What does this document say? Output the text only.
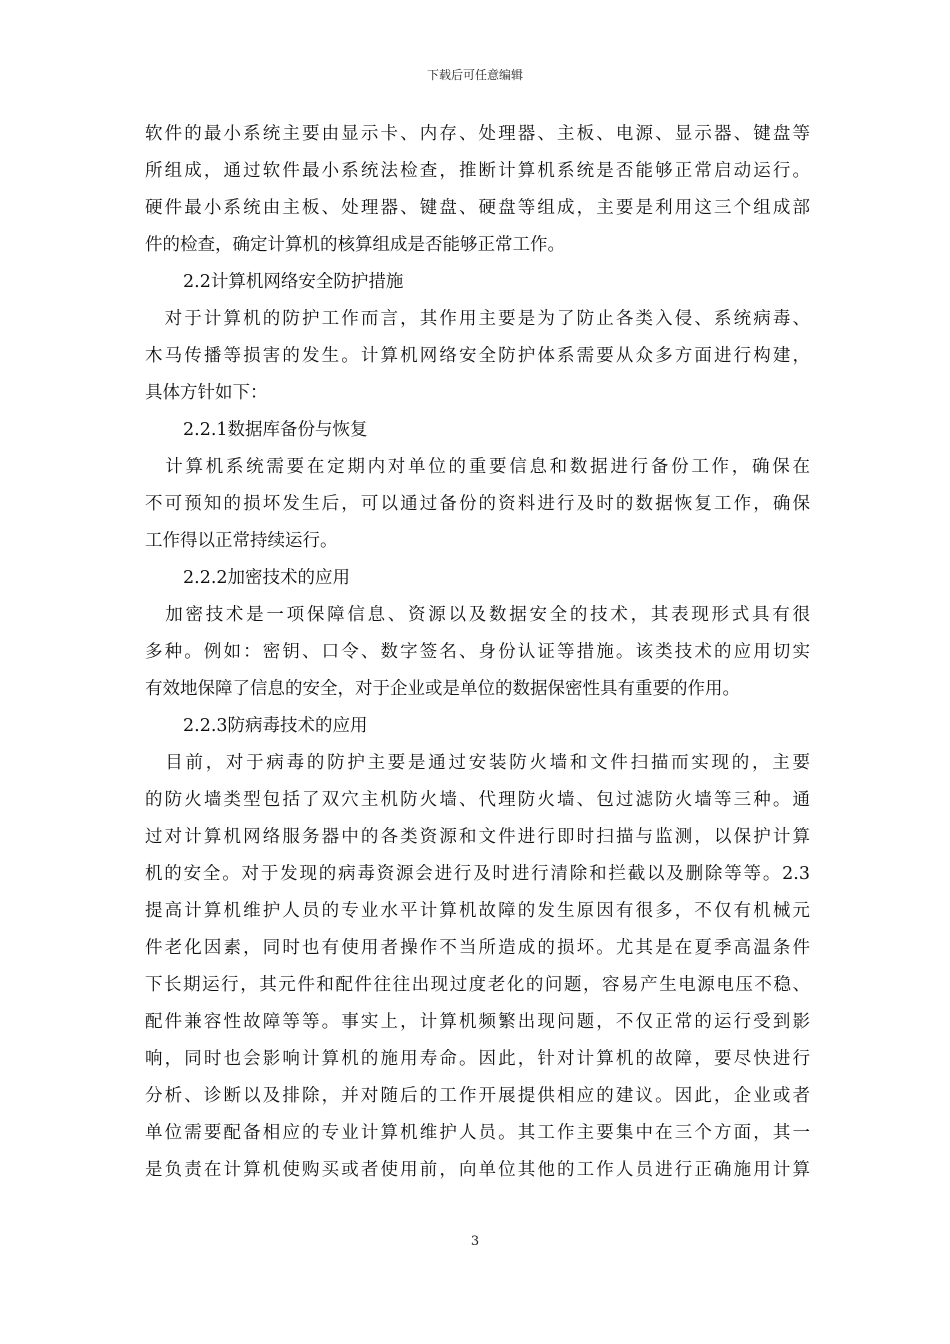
下载后可任意编辑
软件的最小系统主要由显示卡、内存、处理器、主板、电源、显示器、键盘等
所组成，通过软件最小系统法检查，推断计算机系统是否能够正常启动运行。
硬件最小系统由主板、处理器、键盘、硬盘等组成，主要是利用这三个组成部
件的检查，确定计算机的核算组成是否能够正常工作。
2.2计算机网络安全防护措施
　对于计算机的防护工作而言，其作用主要是为了防止各类入侵、系统病毒、
木马传播等损害的发生。计算机网络安全防护体系需要从众多方面进行构建，
具体方针如下：
2.2.1数据库备份与恢复
　计算机系统需要在定期内对单位的重要信息和数据进行备份工作，确保在
不可预知的损坏发生后，可以通过备份的资料进行及时的数据恢复工作，确保
工作得以正常持续运行。
2.2.2加密技术的应用
　加密技术是一项保障信息、资源以及数据安全的技术，其表现形式具有很
多种。例如：密钥、口令、数字签名、身份认证等措施。该类技术的应用切实
有效地保障了信息的安全，对于企业或是单位的数据保密性具有重要的作用。
2.2.3防病毒技术的应用
　目前，对于病毒的防护主要是通过安装防火墙和文件扫描而实现的，主要
的防火墙类型包括了双穴主机防火墙、代理防火墙、包过滤防火墙等三种。通
过对计算机网络服务器中的各类资源和文件进行即时扫描与监测，以保护计算
机的安全。对于发现的病毒资源会进行及时进行清除和拦截以及删除等等。2.3
提高计算机维护人员的专业水平计算机故障的发生原因有很多，不仅有机械元
件老化因素，同时也有使用者操作不当所造成的损坏。尤其是在夏季高温条件
下长期运行，其元件和配件往往出现过度老化的问题，容易产生电源电压不稳、
配件兼容性故障等等。事实上，计算机频繁出现问题，不仅正常的运行受到影
响，同时也会影响计算机的施用寿命。因此，针对计算机的故障，要尽快进行
分析、诊断以及排除，并对随后的工作开展提供相应的建议。因此，企业或者
单位需要配备相应的专业计算机维护人员。其工作主要集中在三个方面，其一
是负责在计算机使购买或者使用前，向单位其他的工作人员进行正确施用计算
3
